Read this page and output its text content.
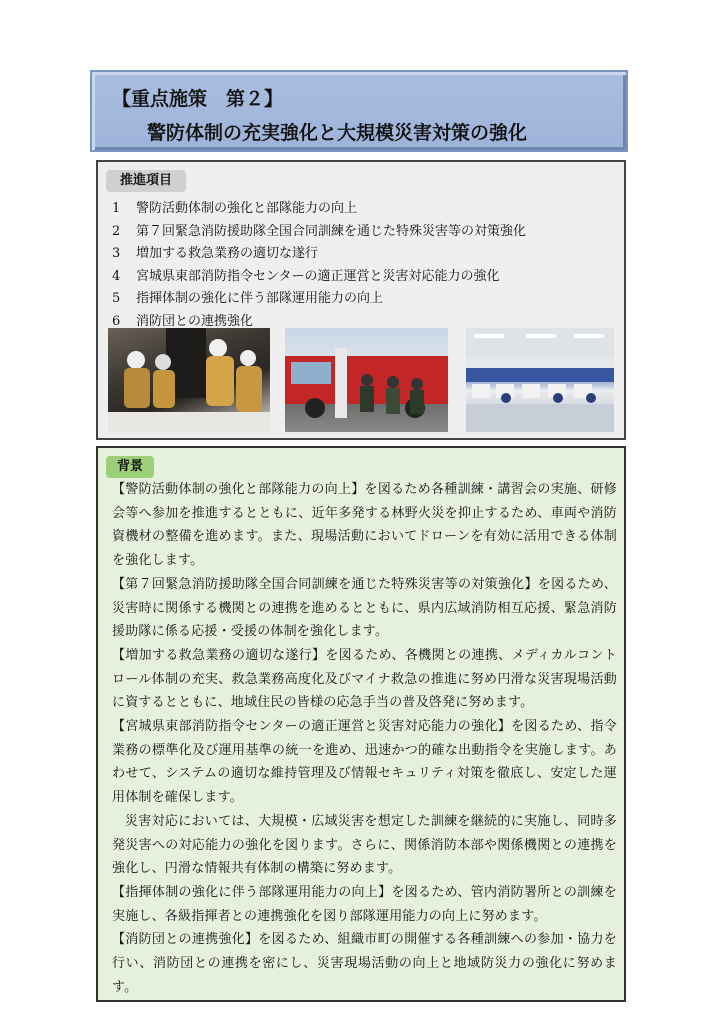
【重点施策　第２】
警防体制の充実強化と大規模災害対策の強化
推進項目
1 警防活動体制の強化と部隊能力の向上
2 第７回緊急消防援助隊全国合同訓練を通じた特殊災害等の対策強化
3 増加する救急業務の適切な遂行
4 宮城県東部消防指令センターの適正運営と災害対応能力の強化
5 指揮体制の強化に伴う部隊運用能力の向上
6 消防団との連携強化
背景

【警防活動体制の強化と部隊能力の向上】を図るため各種訓練・講習会の実施、研修会等へ参加を推進するとともに、近年多発する林野火災を抑止するため、車両や消防資機材の整備を進めます。また、現場活動においてドローンを有効に活用できる体制を強化します。

【第７回緊急消防援助隊全国合同訓練を通じた特殊災害等の対策強化】を図るため、災害時に関係する機関との連携を進めるとともに、県内広域消防相互応援、緊急消防援助隊に係る応援・受援の体制を強化します。

【増加する救急業務の適切な遂行】を図るため、各機関との連携、メディカルコントロール体制の充実、救急業務高度化及びマイナ救急の推進に努め円滑な災害現場活動に資するとともに、地域住民の皆様の応急手当の普及啓発に努めます。

【宮城県東部消防指令センターの適正運営と災害対応能力の強化】を図るため、指令業務の標準化及び運用基準の統一を進め、迅速かつ的確な出動指令を実施します。あわせて、システムの適切な維持管理及び情報セキュリティ対策を徹底し、安定した運用体制を確保します。

災害対応においては、大規模・広域災害を想定した訓練を継続的に実施し、同時多発災害への対応能力の強化を図ります。さらに、関係消防本部や関係機関との連携を強化し、円滑な情報共有体制の構築に努めます。

【指揮体制の強化に伴う部隊運用能力の向上】を図るため、管内消防署所との訓練を実施し、各級指揮者との連携強化を図り部隊運用能力の向上に努めます。

【消防団との連携強化】を図るため、組織市町の開催する各種訓練への参加・協力を行い、消防団との連携を密にし、災害現場活動の向上と地域防災力の強化に努めます。
